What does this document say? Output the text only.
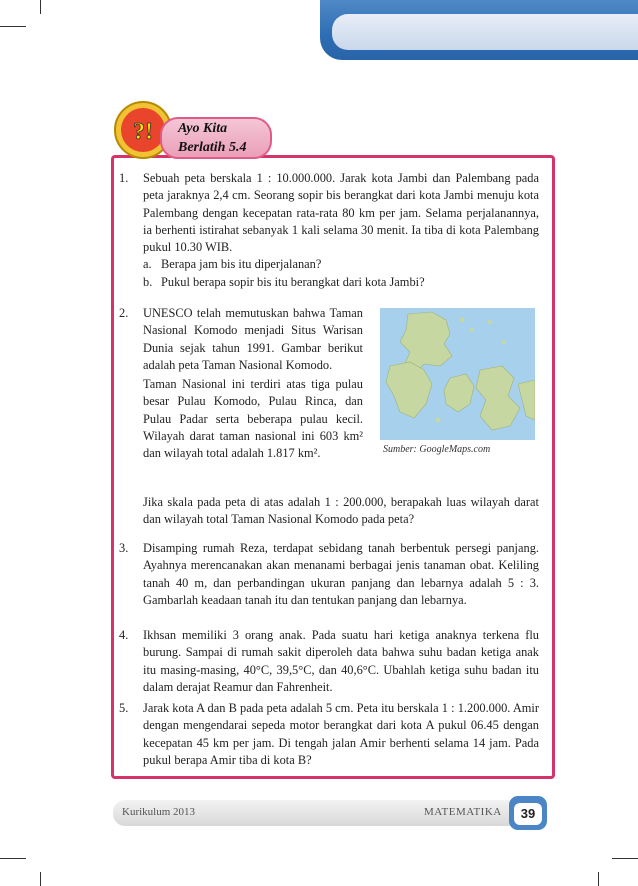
?! Ayo Kita
Berlatih 5.4
1. Sebuah peta berskala 1 : 10.000.000. Jarak kota Jambi dan Palembang pada peta jaraknya 2,4 cm. Seorang sopir bis berangkat dari kota Jambi menuju kota Palembang dengan kecepatan rata-rata 80 km per jam. Selama perjalanannya, ia berhenti istirahat sebanyak 1 kali selama 30 menit. Ia tiba di kota Palembang pukul 10.30 WIB.
a. Berapa jam bis itu diperjalanan?
b. Pukul berapa sopir bis itu berangkat dari kota Jambi?
2. UNESCO telah memutuskan bahwa Taman Nasional Komodo menjadi Situs Warisan Dunia sejak tahun 1991. Gambar berikut adalah peta Taman Nasional Komodo.
Taman Nasional ini terdiri atas tiga pulau besar Pulau Komodo, Pulau Rinca, dan Pulau Padar serta beberapa pulau kecil. Wilayah darat taman nasional ini 603 km² dan wilayah total adalah 1.817 km².
Jika skala pada peta di atas adalah 1 : 200.000, berapakah luas wilayah darat dan wilayah total Taman Nasional Komodo pada peta?
Sumber: GoogleMaps.com
3. Disamping rumah Reza, terdapat sebidang tanah berbentuk persegi panjang. Ayahnya merencanakan akan menanami berbagai jenis tanaman obat. Keliling tanah 40 m, dan perbandingan ukuran panjang dan lebarnya adalah 5 : 3. Gambarlah keadaan tanah itu dan tentukan panjang dan lebarnya.
4. Ikhsan memiliki 3 orang anak. Pada suatu hari ketiga anaknya terkena flu burung. Sampai di rumah sakit diperoleh data bahwa suhu badan ketiga anak itu masing-masing, 40°C, 39,5°C, dan 40,6°C. Ubahlah ketiga suhu badan itu dalam derajat Reamur dan Fahrenheit.
5. Jarak kota A dan B pada peta adalah 5 cm. Peta itu berskala 1 : 1.200.000. Amir dengan mengendarai sepeda motor berangkat dari kota A pukul 06.45 dengan kecepatan 45 km per jam. Di tengah jalan Amir berhenti selama 14 jam. Pada pukul berapa Amir tiba di kota B?
Kurikulum 2013	MATEMATIKA	39
